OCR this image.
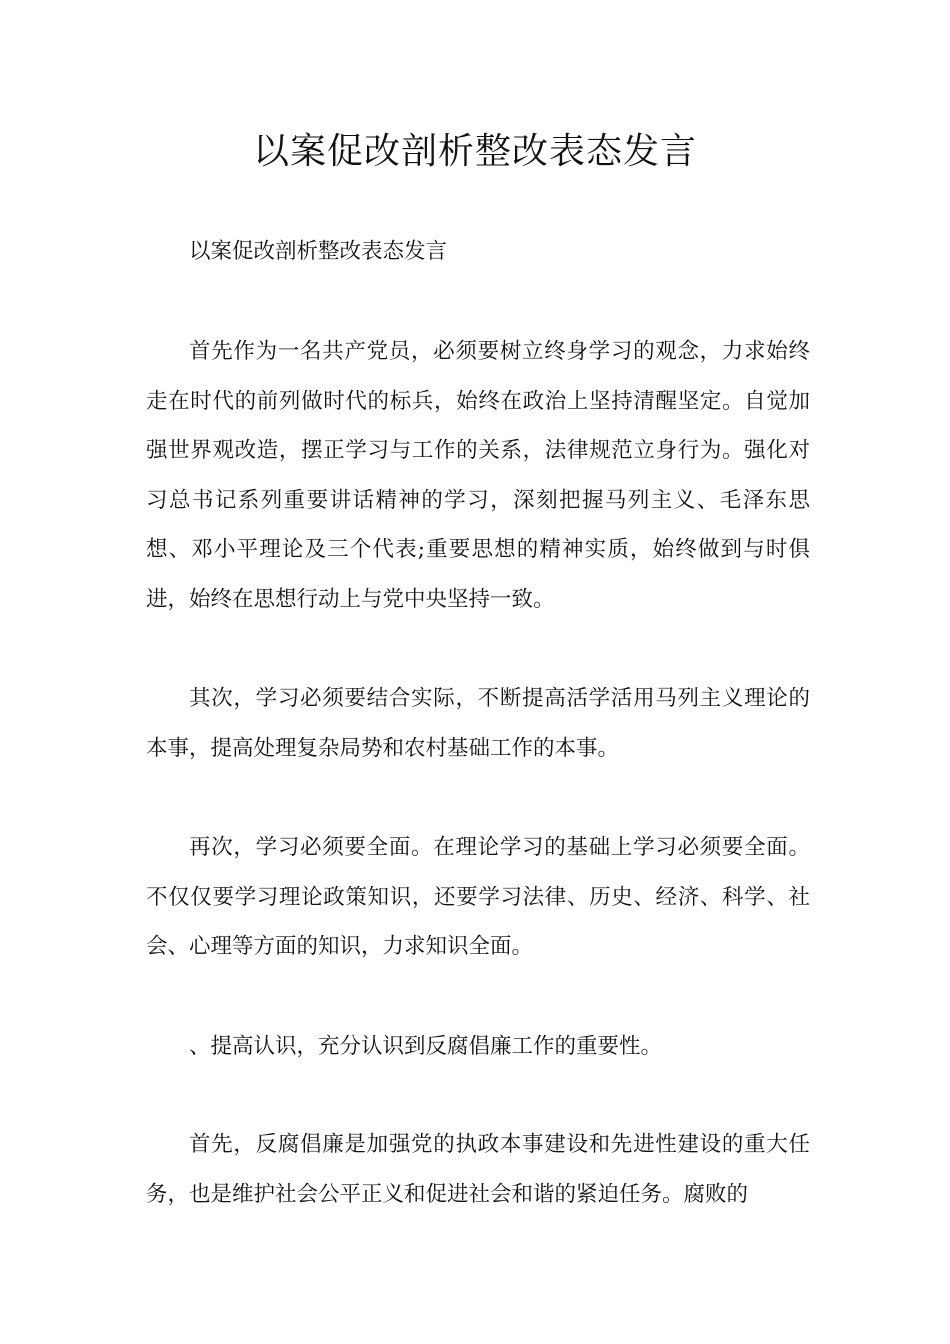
以案促改剖析整改表态发言

以案促改剖析整改表态发言

首先作为一名共产党员，必须要树立终身学习的观念，力求始终走在时代的前列做时代的标兵，始终在政治上坚持清醒坚定。自觉加强世界观改造，摆正学习与工作的关系，法律规范立身行为。强化对习总书记系列重要讲话精神的学习，深刻把握马列主义、毛泽东思想、邓小平理论及三个代表;重要思想的精神实质，始终做到与时俱进，始终在思想行动上与党中央坚持一致。

其次，学习必须要结合实际，不断提高活学活用马列主义理论的本事，提高处理复杂局势和农村基础工作的本事。

再次，学习必须要全面。在理论学习的基础上学习必须要全面。不仅仅要学习理论政策知识，还要学习法律、历史、经济、科学、社会、心理等方面的知识，力求知识全面。

、提高认识，充分认识到反腐倡廉工作的重要性。

首先，反腐倡廉是加强党的执政本事建设和先进性建设的重大任务，也是维护社会公平正义和促进社会和谐的紧迫任务。腐败的
